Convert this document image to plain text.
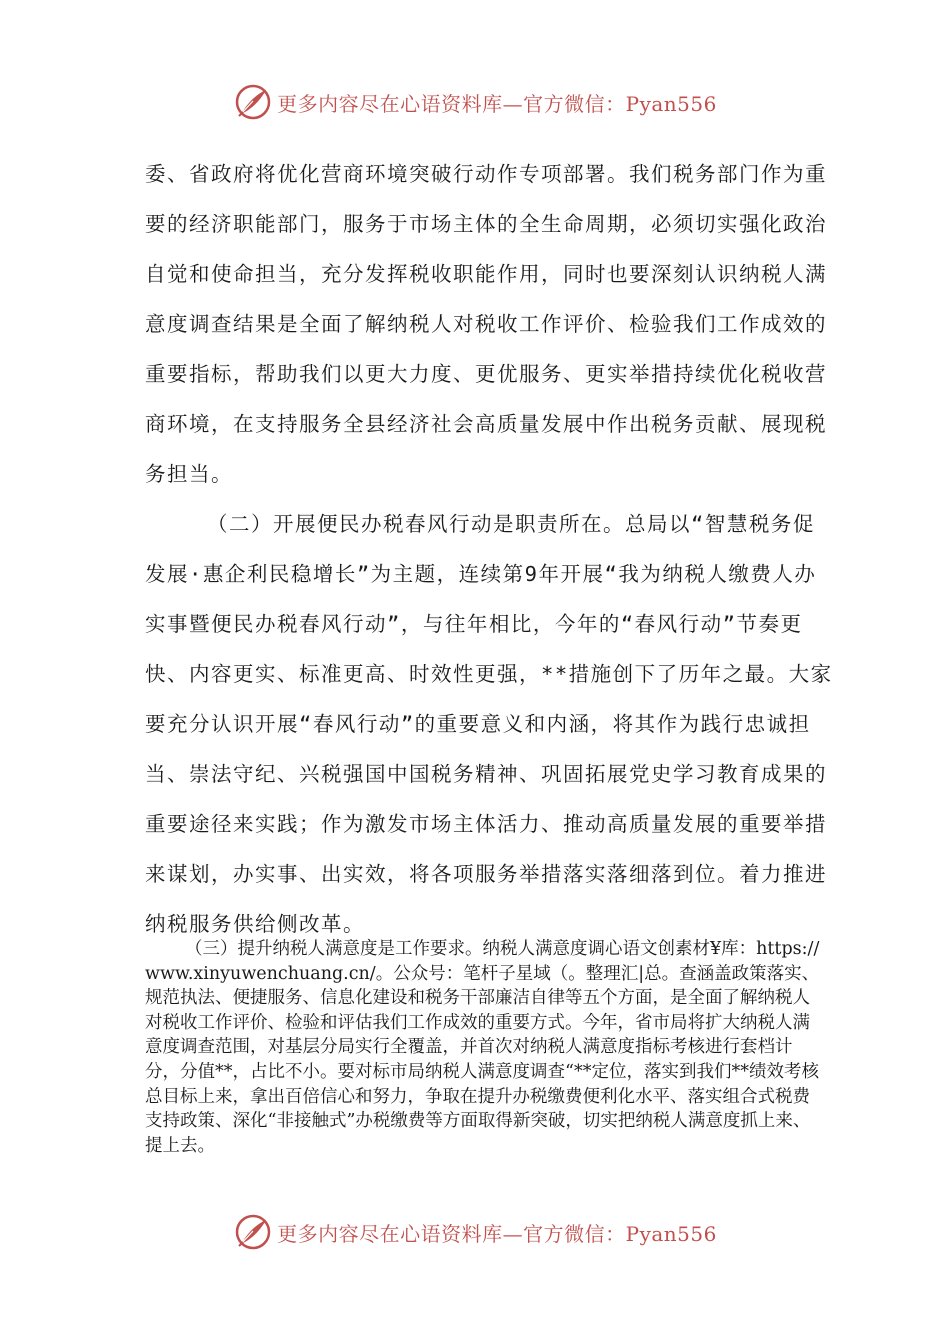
更多内容尽在心语资料库—官方微信：Pyan556

委、省政府将优化营商环境突破行动作专项部署。我们税务部门作为重要的经济职能部门，服务于市场主体的全生命周期，必须切实强化政治自觉和使命担当，充分发挥税收职能作用，同时也要深刻认识纳税人满意度调查结果是全面了解纳税人对税收工作评价、检验我们工作成效的重要指标，帮助我们以更大力度、更优服务、更实举措持续优化税收营商环境，在支持服务全县经济社会高质量发展中作出税务贡献、展现税务担当。

（二）开展便民办税春风行动是职责所在。总局以“智慧税务促发展·惠企利民稳增长”为主题，连续第9年开展“我为纳税人缴费人办实事暨便民办税春风行动”，与往年相比，今年的“春风行动”节奏更快、内容更实、标准更高、时效性更强，**措施创下了历年之最。大家要充分认识开展“春风行动”的重要意义和内涵，将其作为践行忠诚担当、崇法守纪、兴税强国中国税务精神、巩固拓展党史学习教育成果的重要途径来实践；作为激发市场主体活力、推动高质量发展的重要举措来谋划，办实事、出实效，将各项服务举措落实落细落到位。着力推进纳税服务供给侧改革。

（三）提升纳税人满意度是工作要求。纳税人满意度调心语文创素材¥库：https://www.xinyuwenchuang.cn/。公众号：笔杆子星域（。整理汇|总。查涵盖政策落实、规范执法、便捷服务、信息化建设和税务干部廉洁自律等五个方面，是全面了解纳税人对税收工作评价、检验和评估我们工作成效的重要方式。今年，省市局将扩大纳税人满意度调查范围，对基层分局实行全覆盖，并首次对纳税人满意度指标考核进行套档计分，分值**，占比不小。要对标市局纳税人满意度调查“**定位，落实到我们**绩效考核总目标上来，拿出百倍信心和努力，争取在提升办税缴费便利化水平、落实组合式税费支持政策、深化“非接触式”办税缴费等方面取得新突破，切实把纳税人满意度抓上来、提上去。

更多内容尽在心语资料库—官方微信：Pyan556
